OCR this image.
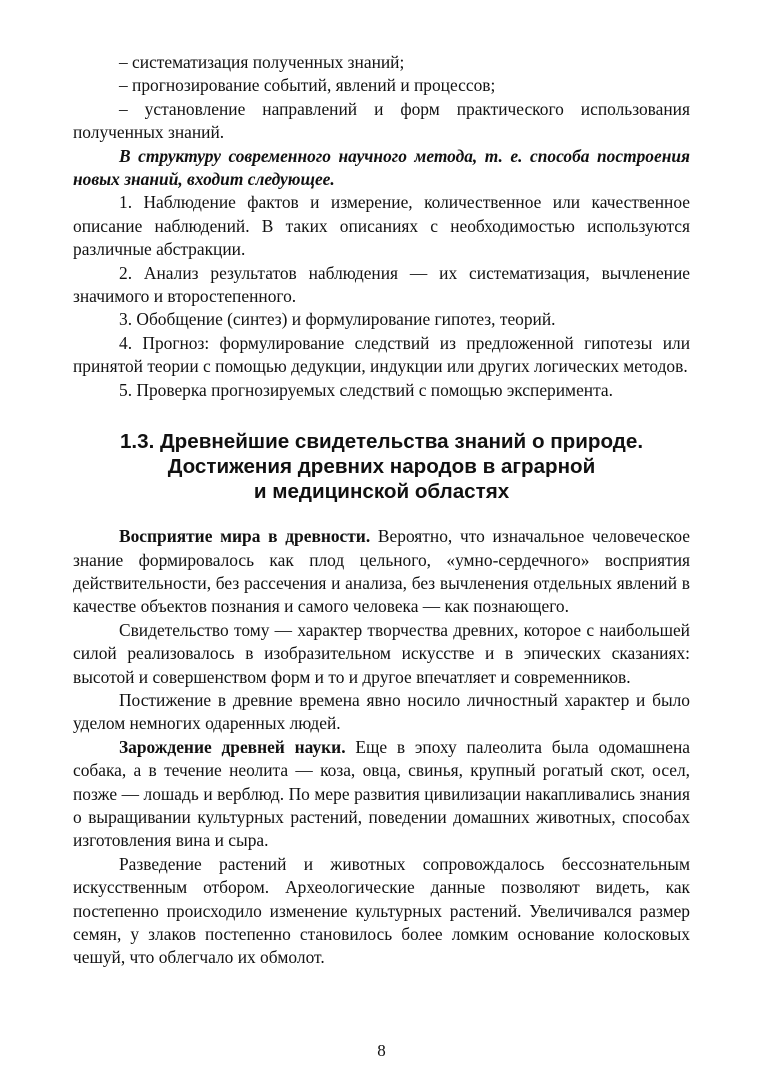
– систематизация полученных знаний;

– прогнозирование событий, явлений и процессов;

– установление направлений и форм практического использования полученных знаний.

В структуру современного научного метода, т. е. способа построения новых знаний, входит следующее.

1. Наблюдение фактов и измерение, количественное или качественное описание наблюдений. В таких описаниях с необходимостью используются различные абстракции.

2. Анализ результатов наблюдения — их систематизация, вычленение значимого и второстепенного.

3. Обобщение (синтез) и формулирование гипотез, теорий.

4. Прогноз: формулирование следствий из предложенной гипотезы или принятой теории с помощью дедукции, индукции или других логических методов.

5. Проверка прогнозируемых следствий с помощью эксперимента.

1.3. Древнейшие свидетельства знаний о природе.
Достижения древних народов в аграрной
и медицинской областях

Восприятие мира в древности. Вероятно, что изначальное человеческое знание формировалось как плод цельного, «умно-сердечного» восприятия действительности, без рассечения и анализа, без вычленения отдельных явлений в качестве объектов познания и самого человека — как познающего.

Свидетельство тому — характер творчества древних, которое с наибольшей силой реализовалось в изобразительном искусстве и в эпических сказаниях: высотой и совершенством форм и то и другое впечатляет и современников.

Постижение в древние времена явно носило личностный характер и было уделом немногих одаренных людей.

Зарождение древней науки. Еще в эпоху палеолита была одомашнена собака, а в течение неолита — коза, овца, свинья, крупный рогатый скот, осел, позже — лошадь и верблюд. По мере развития цивилизации накапливались знания о выращивании культурных растений, поведении домашних животных, способах изготовления вина и сыра.

Разведение растений и животных сопровождалось бессознательным искусственным отбором. Археологические данные позволяют видеть, как постепенно происходило изменение культурных растений. Увеличивался размер семян, у злаков постепенно становилось более ломким основание колосковых чешуй, что облегчало их обмолот.

8
